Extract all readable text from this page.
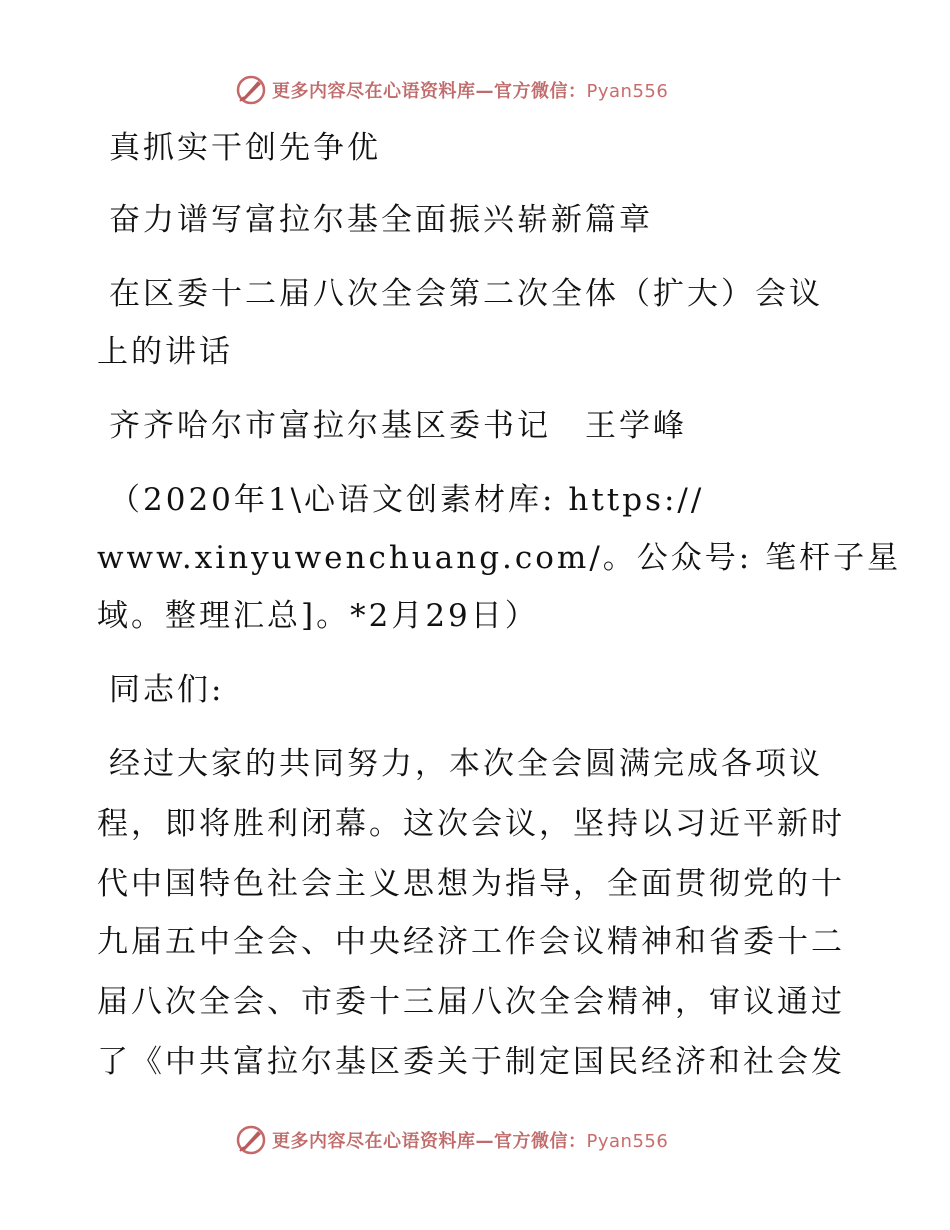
更多内容尽在心语资料库—官方微信：Pyan556
真抓实干创先争优
奋力谱写富拉尔基全面振兴崭新篇章
在区委十二届八次全会第二次全体（扩大）会议
上的讲话
齐齐哈尔市富拉尔基区委书记　王学峰
（2020年1\心语文创素材库: https://
www.xinyuwenchuang.com/。公众号: 笔杆子星
域。整理汇总]。*2月29日）
同志们:
经过大家的共同努力，本次全会圆满完成各项议
程，即将胜利闭幕。这次会议，坚持以习近平新时
代中国特色社会主义思想为指导，全面贯彻党的十
九届五中全会、中央经济工作会议精神和省委十二
届八次全会、市委十三届八次全会精神，审议通过
了《中共富拉尔基区委关于制定国民经济和社会发
更多内容尽在心语资料库—官方微信：Pyan556
